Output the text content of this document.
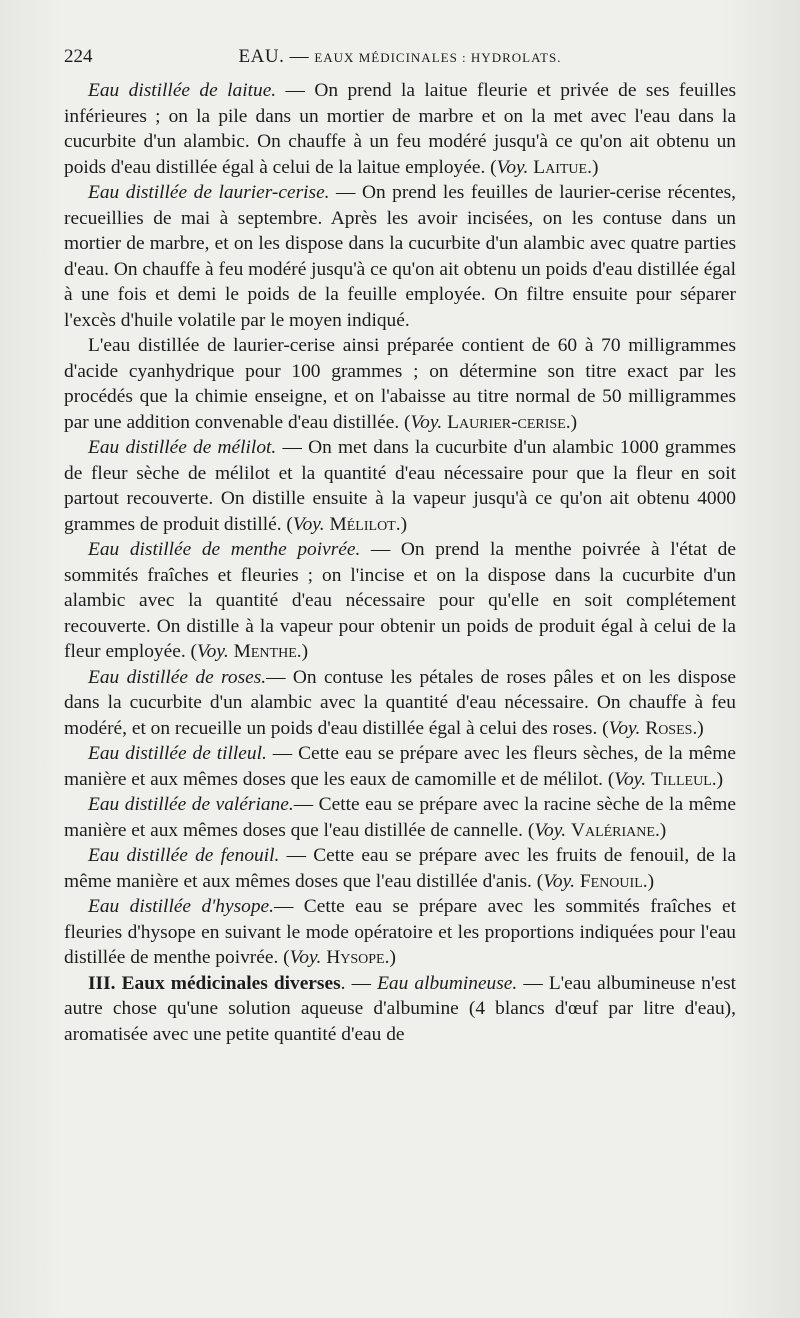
224	EAU. — EAUX MÉDICINALES : HYDROLATS.

Eau distillée de laitue. — On prend la laitue fleurie et privée de ses feuilles inférieures ; on la pile dans un mortier de marbre et on la met avec l'eau dans la cucurbite d'un alambic. On chauffe à un feu modéré jusqu'à ce qu'on ait obtenu un poids d'eau distillée égal à celui de la laitue employée. (Voy. Laitue.)

Eau distillée de laurier-cerise. — On prend les feuilles de laurier-cerise récentes, recueillies de mai à septembre. Après les avoir incisées, on les contuse dans un mortier de marbre, et on les dispose dans la cucurbite d'un alambic avec quatre parties d'eau. On chauffe à feu modéré jusqu'à ce qu'on ait obtenu un poids d'eau distillée égal à une fois et demi le poids de la feuille employée. On filtre ensuite pour séparer l'excès d'huile volatile par le moyen indiqué.

L'eau distillée de laurier-cerise ainsi préparée contient de 60 à 70 milligrammes d'acide cyanhydrique pour 100 grammes ; on détermine son titre exact par les procédés que la chimie enseigne, et on l'abaisse au titre normal de 50 milligrammes par une addition convenable d'eau distillée. (Voy. Laurier-cerise.)

Eau distillée de mélilot. — On met dans la cucurbite d'un alambic 1000 grammes de fleur sèche de mélilot et la quantité d'eau nécessaire pour que la fleur en soit partout recouverte. On distille ensuite à la vapeur jusqu'à ce qu'on ait obtenu 4000 grammes de produit distillé. (Voy. Mélilot.)

Eau distillée de menthe poivrée. — On prend la menthe poivrée à l'état de sommités fraîches et fleuries ; on l'incise et on la dispose dans la cucurbite d'un alambic avec la quantité d'eau nécessaire pour qu'elle en soit complétement recouverte. On distille à la vapeur pour obtenir un poids de produit égal à celui de la fleur employée. (Voy. Menthe.)

Eau distillée de roses.— On contuse les pétales de roses pâles et on les dispose dans la cucurbite d'un alambic avec la quantité d'eau nécessaire. On chauffe à feu modéré, et on recueille un poids d'eau distillée égal à celui des roses. (Voy. Roses.)

Eau distillée de tilleul. — Cette eau se prépare avec les fleurs sèches, de la même manière et aux mêmes doses que les eaux de camomille et de mélilot. (Voy. Tilleul.)

Eau distillée de valériane.— Cette eau se prépare avec la racine sèche de la même manière et aux mêmes doses que l'eau distillée de cannelle. (Voy. Valériane.)

Eau distillée de fenouil. — Cette eau se prépare avec les fruits de fenouil, de la même manière et aux mêmes doses que l'eau distillée d'anis. (Voy. Fenouil.)

Eau distillée d'hysope.— Cette eau se prépare avec les sommités fraîches et fleuries d'hysope en suivant le mode opératoire et les proportions indiquées pour l'eau distillée de menthe poivrée. (Voy. Hysope.)

III. Eaux médicinales diverses. — Eau albumineuse. — L'eau albumineuse n'est autre chose qu'une solution aqueuse d'albumine (4 blancs d'œuf par litre d'eau), aromatisée avec une petite quantité d'eau de
